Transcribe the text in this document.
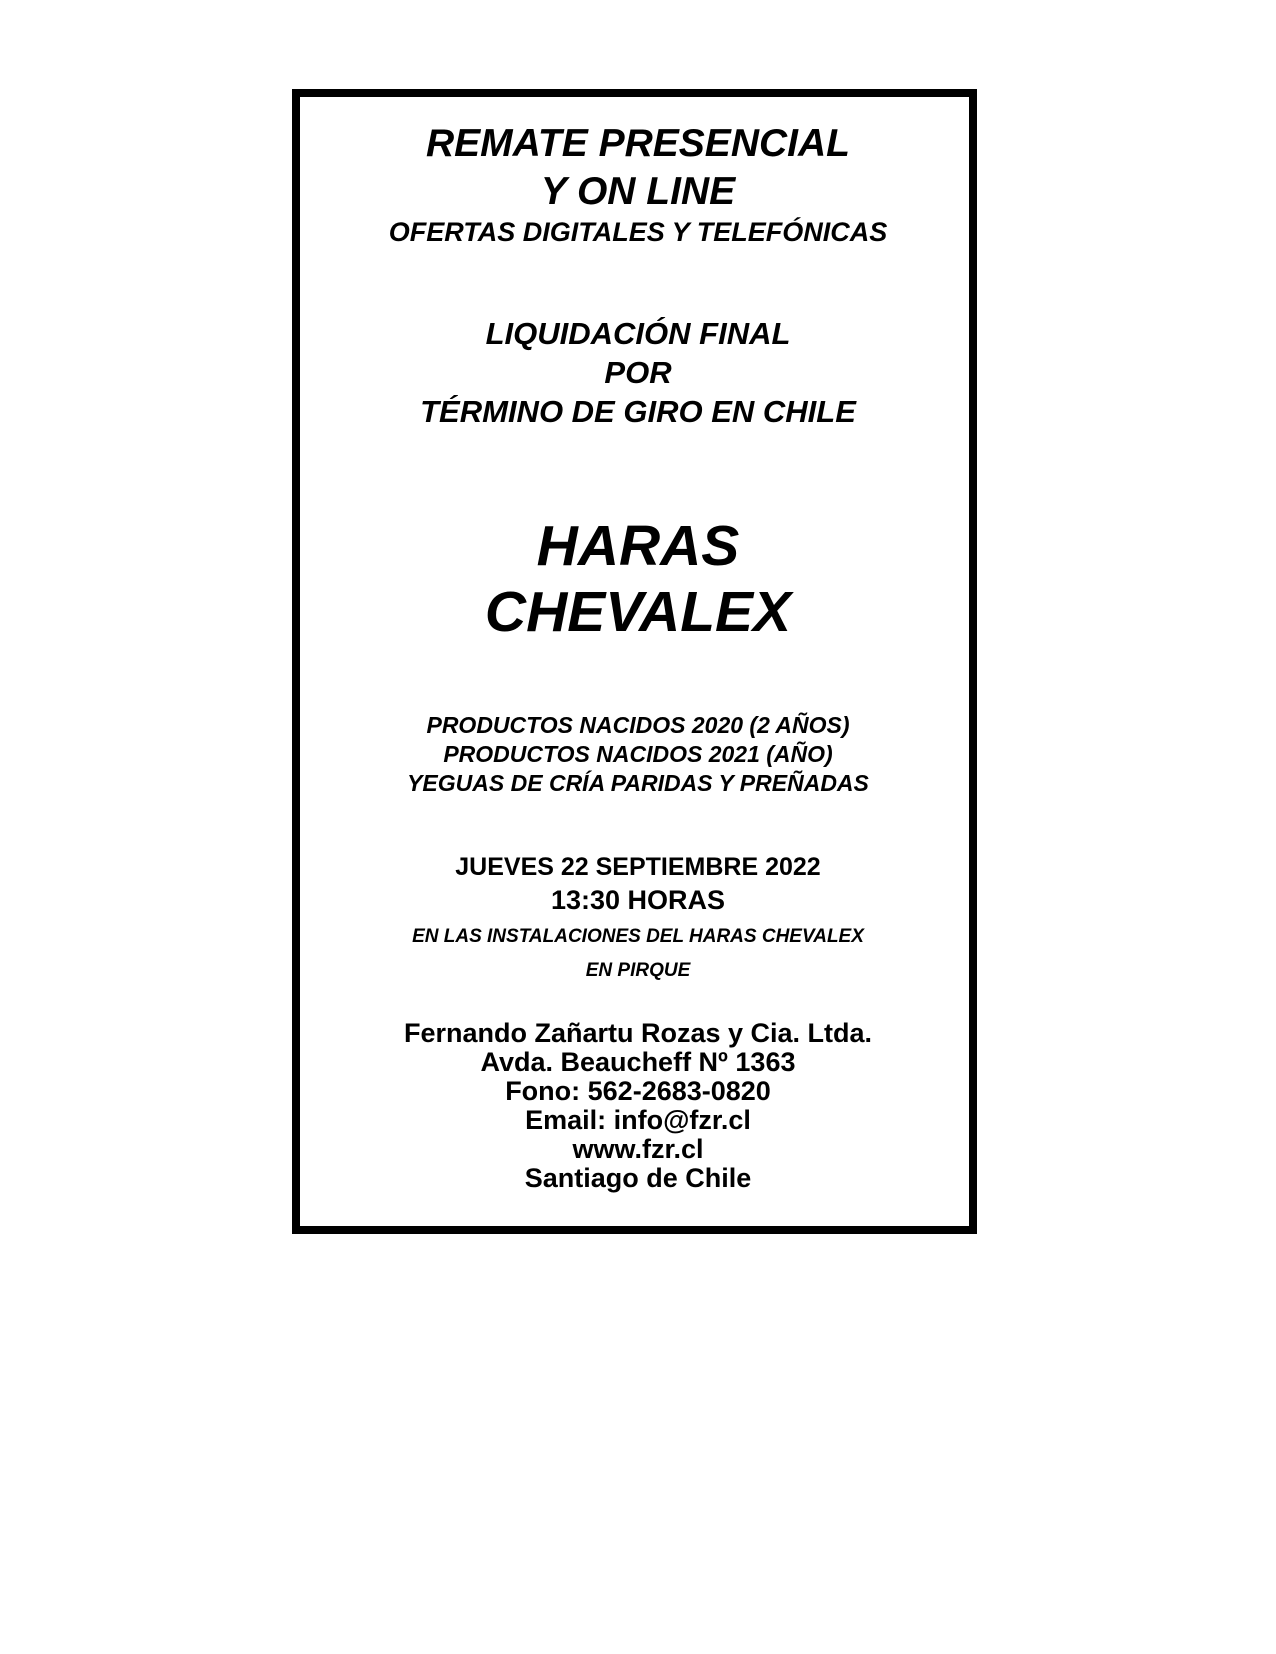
REMATE PRESENCIAL
Y ON LINE
OFERTAS DIGITALES Y TELEFÓNICAS
LIQUIDACIÓN FINAL
POR
TÉRMINO DE GIRO EN CHILE
HARAS
CHEVALEX
PRODUCTOS NACIDOS 2020 (2 AÑOS)
PRODUCTOS NACIDOS 2021 (AÑO)
YEGUAS DE CRÍA PARIDAS Y PREÑADAS
JUEVES 22 SEPTIEMBRE 2022
13:30 HORAS
EN LAS INSTALACIONES DEL HARAS CHEVALEX
EN PIRQUE
Fernando Zañartu Rozas y Cia. Ltda.
Avda. Beaucheff Nº 1363
Fono: 562-2683-0820
Email: info@fzr.cl
www.fzr.cl
Santiago de Chile
